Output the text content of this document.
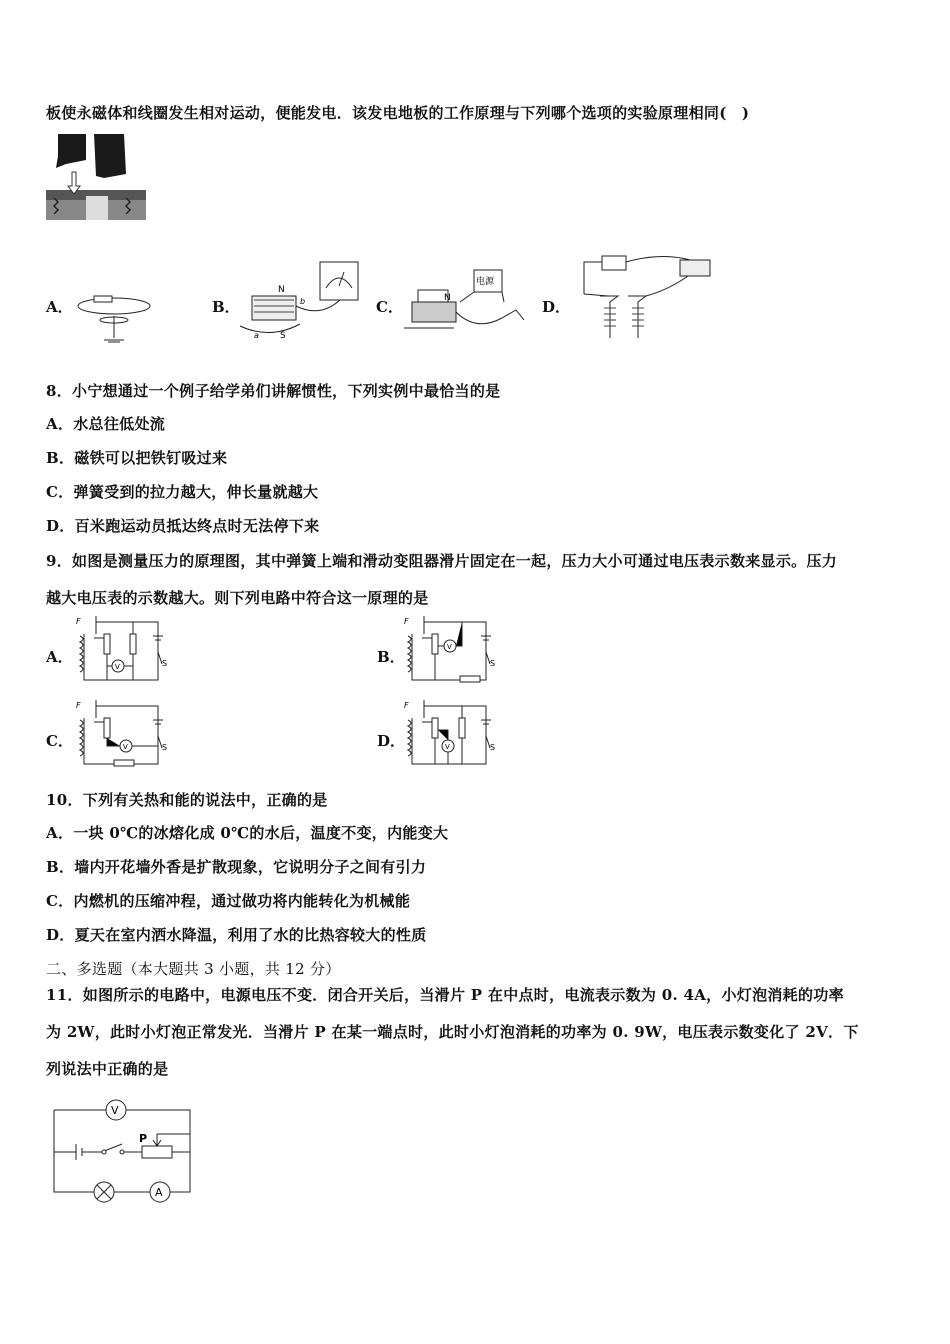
板使永磁体和线圈发生相对运动，便能发电．该发电地板的工作原理与下列哪个选项的实验原理相同(　)
A．	B．
N
S
a
b	C．	N
电源
D．
8．小宁想通过一个例子给学弟们讲解惯性，下列实例中最恰当的是
A．水总往低处流
B．磁铁可以把铁钉吸过来
C．弹簧受到的拉力越大，伸长量就越大
D．百米跑运动员抵达终点时无法停下来
9．如图是测量压力的原理图，其中弹簧上端和滑动变阻器滑片固定在一起，压力大小可通过电压表示数来显示。压力
越大电压表的示数越大。则下列电路中符合这一原理的是
A．
F
S
V
B．
F
S
V
C．
F
S
V	D．
F
S
V
10．下列有关热和能的说法中，正确的是
A．一块 0℃的冰熔化成 0℃的水后，温度不变，内能变大
B．墙内开花墙外香是扩散现象，它说明分子之间有引力
C．内燃机的压缩冲程，通过做功将内能转化为机械能
D．夏天在室内洒水降温，利用了水的比热容较大的性质
二、多选题（本大题共 3 小题，共 12 分）
11．如图所示的电路中，电源电压不变．闭合开关后，当滑片 P 在中点时，电流表示数为 0. 4A，小灯泡消耗的功率
为 2W，此时小灯泡正常发光．当滑片 P 在某一端点时，此时小灯泡消耗的功率为 0. 9W，电压表示数变化了 2V．下
列说法中正确的是
V
A
P
